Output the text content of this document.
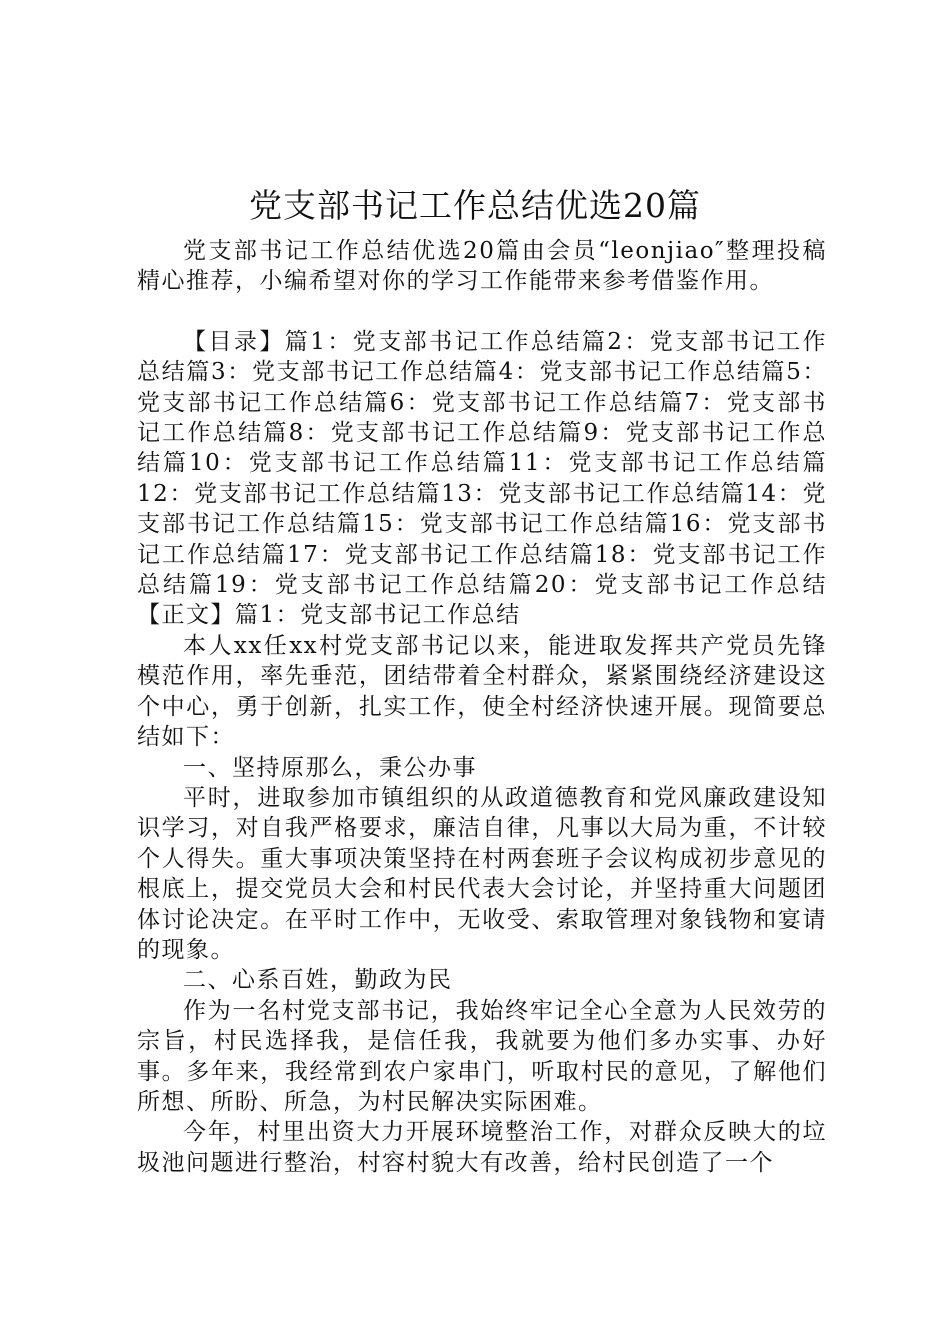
党支部书记工作总结优选20篇

党支部书记工作总结优选20篇由会员“leonjiao″整理投稿精心推荐，小编希望对你的学习工作能带来参考借鉴作用。

【目录】篇1：党支部书记工作总结篇2：党支部书记工作总结篇3：党支部书记工作总结篇4：党支部书记工作总结篇5：党支部书记工作总结篇6：党支部书记工作总结篇7：党支部书记工作总结篇8：党支部书记工作总结篇9：党支部书记工作总结篇10：党支部书记工作总结篇11：党支部书记工作总结篇12：党支部书记工作总结篇13：党支部书记工作总结篇14：党支部书记工作总结篇15：党支部书记工作总结篇16：党支部书记工作总结篇17：党支部书记工作总结篇18：党支部书记工作总结篇19：党支部书记工作总结篇20：党支部书记工作总结【正文】篇1：党支部书记工作总结

本人xx任xx村党支部书记以来，能进取发挥共产党员先锋模范作用，率先垂范，团结带着全村群众，紧紧围绕经济建设这个中心，勇于创新，扎实工作，使全村经济快速开展。现简要总结如下：

一、坚持原那么，秉公办事

平时，进取参加市镇组织的从政道德教育和党风廉政建设知识学习，对自我严格要求，廉洁自律，凡事以大局为重，不计较个人得失。重大事项决策坚持在村两套班子会议构成初步意见的根底上，提交党员大会和村民代表大会讨论，并坚持重大问题团体讨论决定。在平时工作中，无收受、索取管理对象钱物和宴请的现象。

二、心系百姓，勤政为民

作为一名村党支部书记，我始终牢记全心全意为人民效劳的宗旨，村民选择我，是信任我，我就要为他们多办实事、办好事。多年来，我经常到农户家串门，听取村民的意见，了解他们所想、所盼、所急，为村民解决实际困难。

今年，村里出资大力开展环境整治工作，对群众反映大的垃圾池问题进行整治，村容村貌大有改善，给村民创造了一个
